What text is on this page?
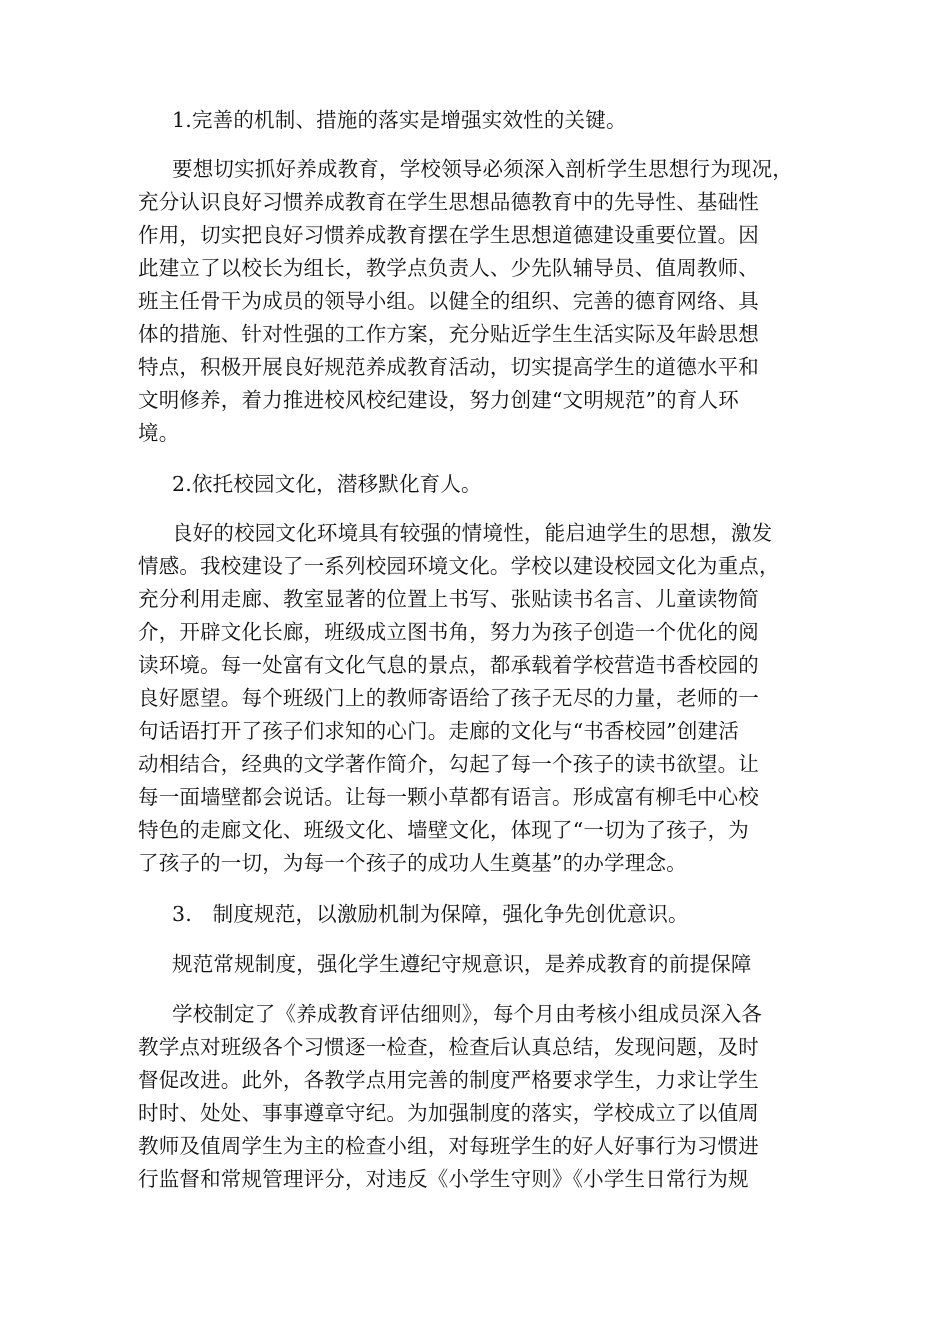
1.完善的机制、措施的落实是增强实效性的关键。
要想切实抓好养成教育，学校领导必须深入剖析学生思想行为现况，
充分认识良好习惯养成教育在学生思想品德教育中的先导性、基础性
作用，切实把良好习惯养成教育摆在学生思想道德建设重要位置。因
此建立了以校长为组长，教学点负责人、少先队辅导员、值周教师、
班主任骨干为成员的领导小组。以健全的组织、完善的德育网络、具
体的措施、针对性强的工作方案，充分贴近学生生活实际及年龄思想
特点，积极开展良好规范养成教育活动，切实提高学生的道德水平和
文明修养，着力推进校风校纪建设，努力创建“文明规范”的育人环
境。
2.依托校园文化，潜移默化育人。
良好的校园文化环境具有较强的情境性，能启迪学生的思想，激发
情感。我校建设了一系列校园环境文化。学校以建设校园文化为重点，
充分利用走廊、教室显著的位置上书写、张贴读书名言、儿童读物简
介，开辟文化长廊，班级成立图书角，努力为孩子创造一个优化的阅
读环境。每一处富有文化气息的景点，都承载着学校营造书香校园的
良好愿望。每个班级门上的教师寄语给了孩子无尽的力量，老师的一
句话语打开了孩子们求知的心门。走廊的文化与“书香校园”创建活
动相结合，经典的文学著作简介，勾起了每一个孩子的读书欲望。让
每一面墙壁都会说话。让每一颗小草都有语言。形成富有柳毛中心校
特色的走廊文化、班级文化、墙壁文化，体现了“一切为了孩子，为
了孩子的一切，为每一个孩子的成功人生奠基”的办学理念。
3.　制度规范，以激励机制为保障，强化争先创优意识。
规范常规制度，强化学生遵纪守规意识，是养成教育的前提保障
学校制定了《养成教育评估细则》，每个月由考核小组成员深入各
教学点对班级各个习惯逐一检查，检查后认真总结，发现问题，及时
督促改进。此外，各教学点用完善的制度严格要求学生，力求让学生
时时、处处、事事遵章守纪。为加强制度的落实，学校成立了以值周
教师及值周学生为主的检查小组，对每班学生的好人好事行为习惯进
行监督和常规管理评分，对违反《小学生守则》《小学生日常行为规
